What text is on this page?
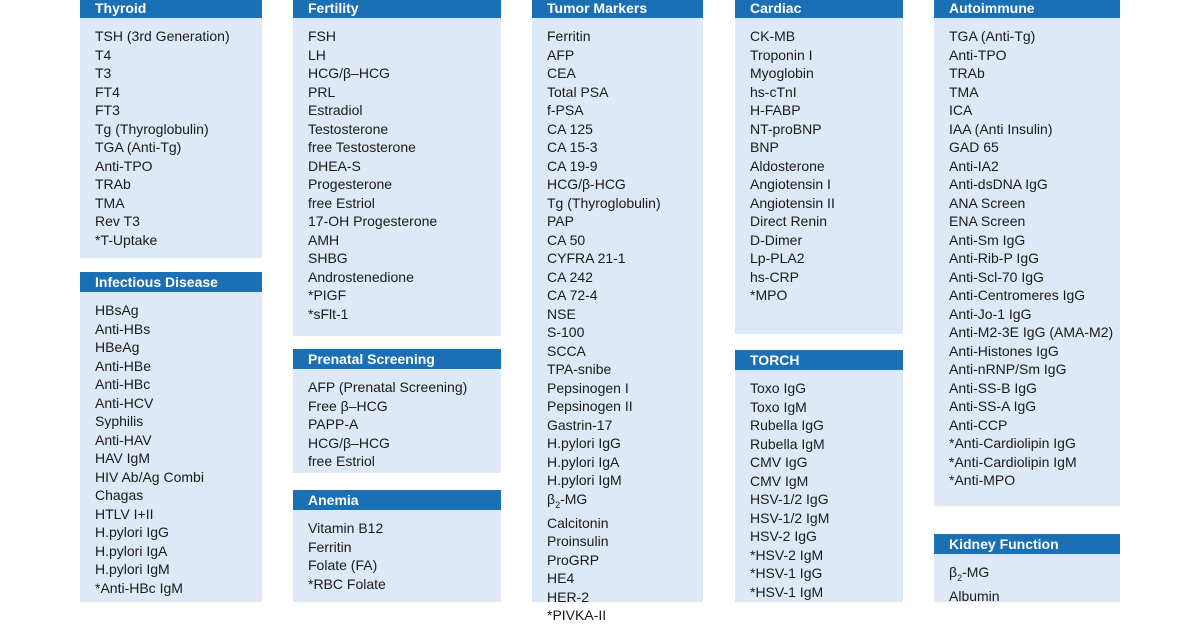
Thyroid
TSH (3rd Generation)
T4
T3
FT4
FT3
Tg (Thyroglobulin)
TGA (Anti-Tg)
Anti-TPO
TRAb
TMA
Rev T3
*T-Uptake
Infectious Disease
HBsAg
Anti-HBs
HBeAg
Anti-HBe
Anti-HBc
Anti-HCV
Syphilis
Anti-HAV
HAV IgM
HIV Ab/Ag Combi
Chagas
HTLV I+II
H.pylori IgG
H.pylori IgA
H.pylori IgM
*Anti-HBc IgM
Fertility
FSH
LH
HCG/β–HCG
PRL
Estradiol
Testosterone
free Testosterone
DHEA-S
Progesterone
free Estriol
17-OH Progesterone
AMH
SHBG
Androstenedione
*PIGF
*sFlt-1
Prenatal Screening
AFP (Prenatal Screening)
Free β–HCG
PAPP-A
HCG/β–HCG
free Estriol
Anemia
Vitamin B12
Ferritin
Folate (FA)
*RBC Folate
Tumor Markers
Ferritin
AFP
CEA
Total PSA
f-PSA
CA 125
CA 15-3
CA 19-9
HCG/β-HCG
Tg (Thyroglobulin)
PAP
CA 50
CYFRA 21-1
CA 242
CA 72-4
NSE
S-100
SCCA
TPA-snibe
Pepsinogen I
Pepsinogen II
Gastrin-17
H.pylori IgG
H.pylori IgA
H.pylori IgM
$\beta_2-MG$
Calcitonin
Proinsulin
ProGRP
HE4
HER-2
*PIVKA-II
Cardiac
CK-MB
Troponin I
Myoglobin
hs-cTnI
H-FABP
NT-proBNP
BNP
Aldosterone
Angiotensin I
Angiotensin II
Direct Renin
D-Dimer
Lp-PLA2
hs-CRP
*MPO
TORCH
Toxo IgG
Toxo IgM
Rubella IgG
Rubella IgM
CMV IgG
CMV IgM
HSV-1/2 IgG
HSV-1/2 IgM
HSV-2 IgG
*HSV-2 IgM
*HSV-1 IgG
*HSV-1 IgM
Autoimmune
TGA (Anti-Tg)
Anti-TPO
TRAb
TMA
ICA
IAA (Anti Insulin)
GAD 65
Anti-IA2
Anti-dsDNA IgG
ANA Screen
ENA Screen
Anti-Sm IgG
Anti-Rib-P IgG
Anti-Scl-70 IgG
Anti-Centromeres IgG
Anti-Jo-1 IgG
Anti-M2-3E IgG (AMA-M2)
Anti-Histones IgG
Anti-nRNP/Sm IgG
Anti-SS-B IgG
Anti-SS-A IgG
Anti-CCP
*Anti-Cardiolipin IgG
*Anti-Cardiolipin IgM
*Anti-MPO
Kidney Function
$\beta_2-MG$
Albumin
